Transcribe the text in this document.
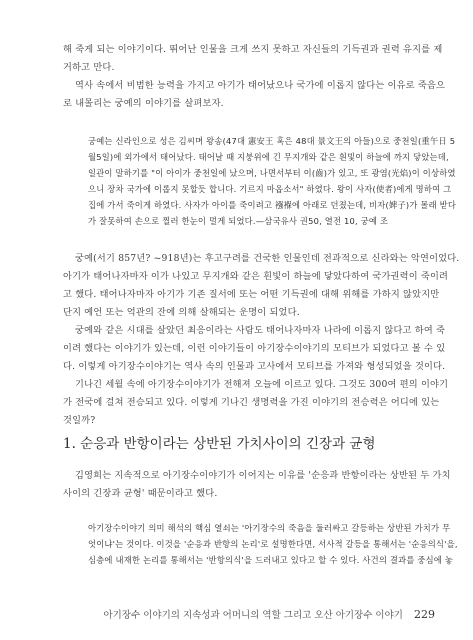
해 죽게 되는 이야기이다. 뛰어난 인물을 크게 쓰지 못하고 자신들의 기득권과 권력 유지를 제
거하고 만다.
역사 속에서 비범한 능력을 가지고 아기가 태어났으나 국가에 이롭지 않다는 이유로 죽음으
로 내몰리는 궁예의 이야기를 살펴보자.
궁예는 신라인으로 성은 김씨며 왕송(47대 憲安王 혹은 48대 景文王의 아들)으로 중천일(重午日 5
월5일)에 외가에서 태어났다. 태어날 때 지붕위에 긴 무지개와 같은 흰빛이 하늘에 까지 닿았는데,
일관이 말하기를 "이 아이가 중천일에 났으며, 나면서부터 이(齒)가 있고, 또 광염(光焰)이 이상하였
으니 장차 국가에 이롭지 못할듯 합니다. 기르지 마옵소서" 하였다. 왕이 사자(使者)에게 명하여 그
집에 가서 죽이게 하였다. 사자가 아이를 죽이려고 襁褓에 아래로 던졌는데, 비자(婢子)가 몰래 받다
가 잘못하여 손으로 찔러 한눈이 멀게 되었다.—삼국유사 권50, 열전 10, 궁예 조
궁예(서기 857년? ~918년)는 후고구려를 건국한 인물인데 전과적으로 신라와는 악연이었다.
아기가 태어나자마자 이가 나있고 무지개와 같은 흰빛이 하늘에 닿았다하여 국가권력이 죽이려
고 했다. 태어나자마자 아기가 기존 질서에 또는 어떤 기득권에 대해 위해를 가하지 않았지만
단지 예언 또는 억관의 잔에 의해 살해되는 운명이 되었다.
궁예와 같은 시대를 살았던 최응이라는 사람도 태어나자마자 나라에 이롭지 않다고 하여 죽
이려 했다는 이야기가 있는데, 이런 이야기들이 아기장수이야기의 모티브가 되었다고 볼 수 있
다. 이렇게 아기장수이야기는 역사 속의 인물과 고사에서 모티브를 가져와 형성되었을 것이다.
기나긴 세월 속에 아기장수이야기가 전해져 오늘에 이르고 있다. 그것도 300여 편의 이야기
가 전국에 걸쳐 전승되고 있다. 이렇게 기나긴 생명력을 가진 이야기의 전승력은 어디에 있는
것일까?
1. 순응과 반항이라는 상반된 가치사이의 긴장과 균형
김영희는 지속적으로 아기장수이야기가 이어지는 이유를 '순응과 반항이라는 상반된 두 가치
사이의 긴장과 균형' 때문이라고 했다.
아기장수이야기 의미 해석의 핵심 열쇠는 '아기장수의 죽음을 둘러싸고 갈등하는 상반된 가치가 무
엇이냐'는 것이다. 이것을 '순응과 반항의 논리'로 설명한다면, 서사적 갈등을 통해서는 '순응의식'을,
심층에 내재한 논리를 통해서는 '반항의식'을 드러내고 있다고 할 수 있다. 사건의 결과를 중심에 놓
아기장수 이야기의 지속성과 어머니의 역할 그리고 오산 아기장수 이야기 229
